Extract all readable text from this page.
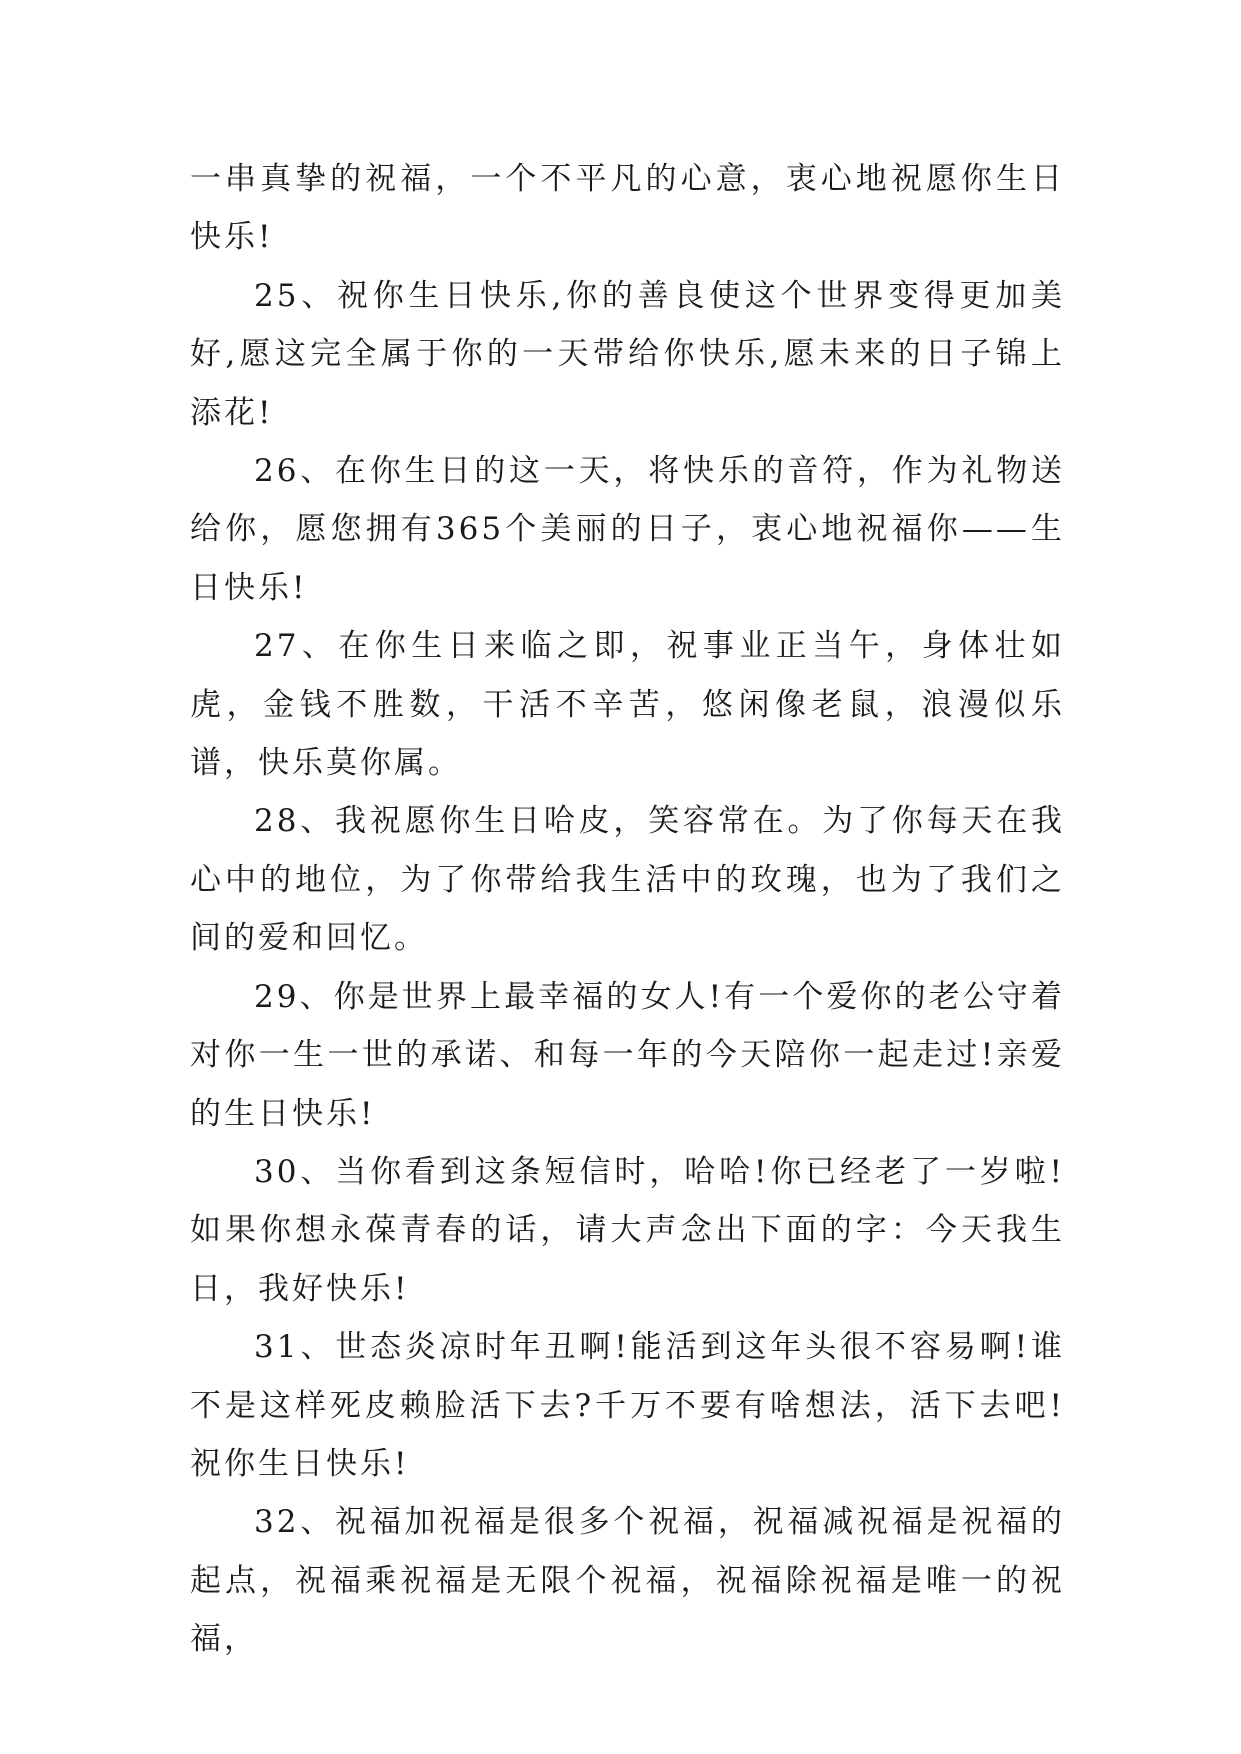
一串真挚的祝福，一个不平凡的心意，衷心地祝愿你生日快乐!

25、祝你生日快乐,你的善良使这个世界变得更加美好,愿这完全属于你的一天带给你快乐,愿未来的日子锦上添花!

26、在你生日的这一天，将快乐的音符，作为礼物送给你，愿您拥有365个美丽的日子，衷心地祝福你——生日快乐!

27、在你生日来临之即，祝事业正当午，身体壮如虎，金钱不胜数，干活不辛苦，悠闲像老鼠，浪漫似乐谱，快乐莫你属。

28、我祝愿你生日哈皮，笑容常在。为了你每天在我心中的地位，为了你带给我生活中的玫瑰，也为了我们之间的爱和回忆。

29、你是世界上最幸福的女人!有一个爱你的老公守着对你一生一世的承诺、和每一年的今天陪你一起走过!亲爱的生日快乐!

30、当你看到这条短信时，哈哈!你已经老了一岁啦!如果你想永葆青春的话，请大声念出下面的字：今天我生日，我好快乐!

31、世态炎凉时年丑啊!能活到这年头很不容易啊!谁不是这样死皮赖脸活下去?千万不要有啥想法，活下去吧!祝你生日快乐!

32、祝福加祝福是很多个祝福，祝福减祝福是祝福的起点，祝福乘祝福是无限个祝福，祝福除祝福是唯一的祝福，
